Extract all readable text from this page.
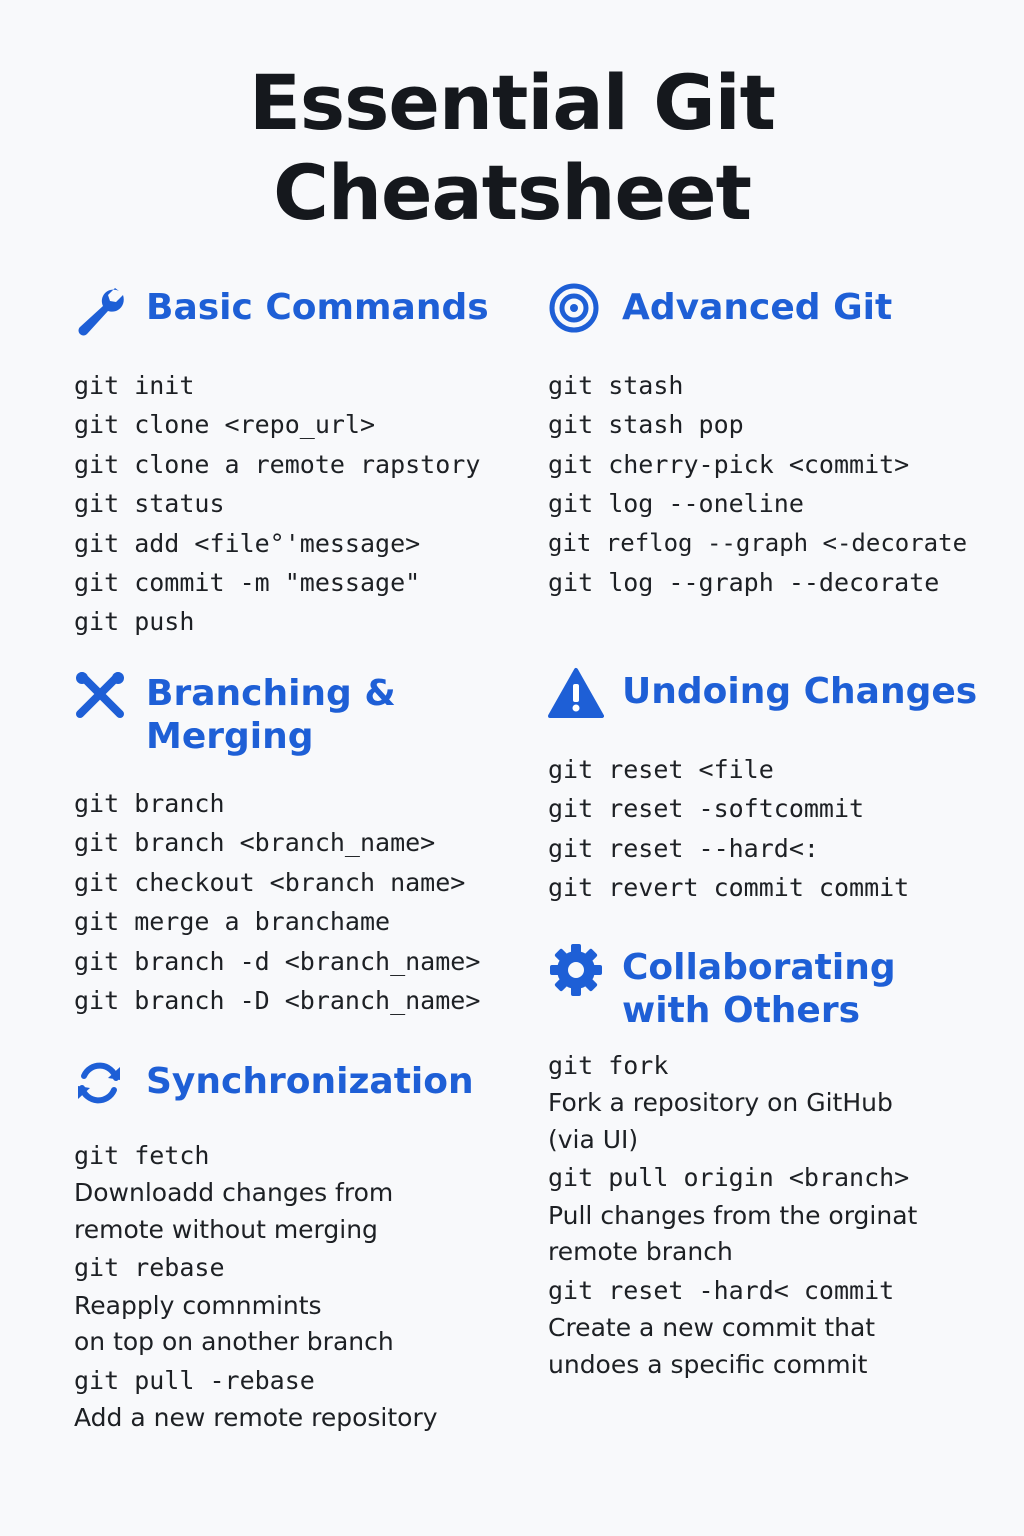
Essential Git Cheatsheet
Basic Commands
git init
git clone <repo_url>
git clone a remote rapstory
git status
git add <file°'message>
git commit -m "message"
git push
Advanced Git
git stash
git stash pop
git cherry-pick <commit>
git log --oneline
git reflog --graph <-decorate
git log --graph --decorate
Branching &
Merging
git branch
git branch <branch_name>
git checkout <branch name>
git merge a branchame
git branch -d <branch_name>
git branch -D <branch_name>
Undoing Changes
git reset <file
git reset -softcommit
git reset --hard<:
git revert commit commit
Synchronization
git fetch
Downloadd changes from
remote without merging
git rebase
Reapply comnmints
on top on another branch
git pull -rebase
Add a new remote repository
Collaborating
with Others
git fork
Fork a repository on GitHub
(via UI)
git pull origin <branch>
Pull changes from the orginat
remote branch
git reset -hard< commit
Create a new commit that
undoes a specific commit
